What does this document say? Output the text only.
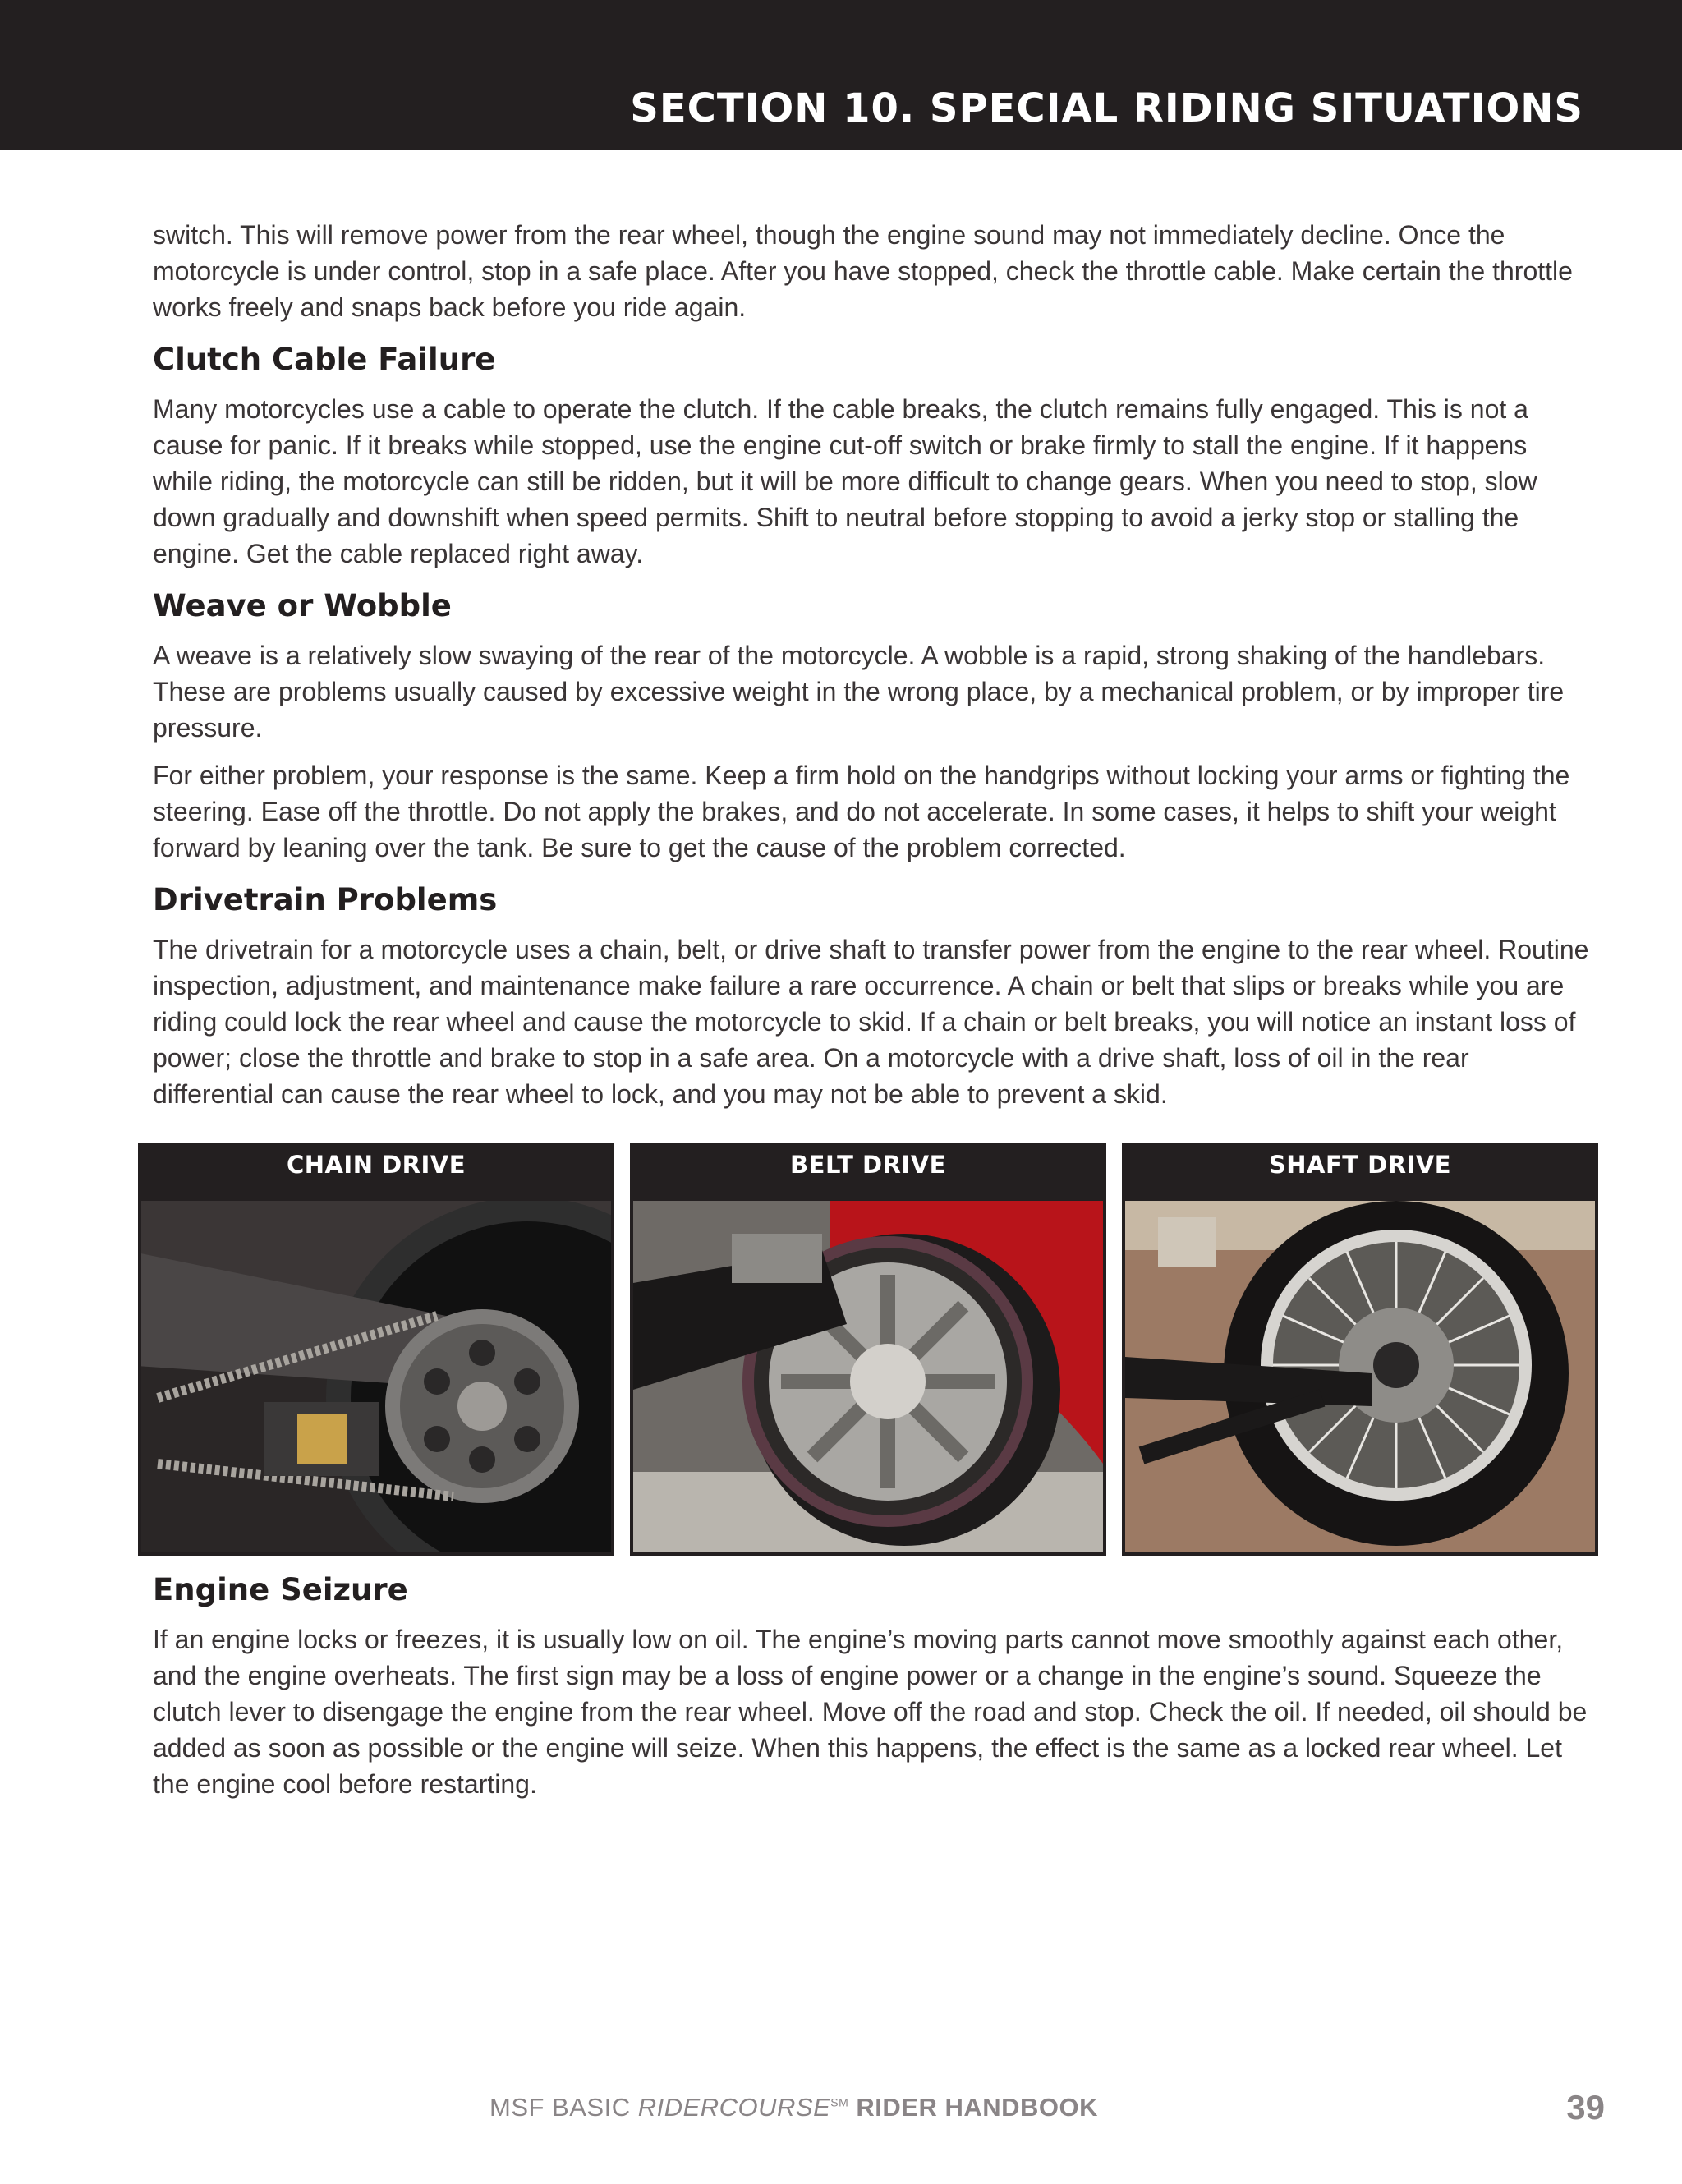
SECTION 10. SPECIAL RIDING SITUATIONS

switch. This will remove power from the rear wheel, though the engine sound may not immediately decline. Once the motorcycle is under control, stop in a safe place. After you have stopped, check the throttle cable. Make certain the throttle works freely and snaps back before you ride again.

Clutch Cable Failure

Many motorcycles use a cable to operate the clutch. If the cable breaks, the clutch remains fully engaged. This is not a cause for panic. If it breaks while stopped, use the engine cut-off switch or brake firmly to stall the engine. If it happens while riding, the motorcycle can still be ridden, but it will be more difficult to change gears. When you need to stop, slow down gradually and downshift when speed permits. Shift to neutral before stopping to avoid a jerky stop or stalling the engine. Get the cable replaced right away.

Weave or Wobble

A weave is a relatively slow swaying of the rear of the motorcycle. A wobble is a rapid, strong shaking of the handlebars. These are problems usually caused by excessive weight in the wrong place, by a mechanical problem, or by improper tire pressure.

For either problem, your response is the same. Keep a firm hold on the handgrips without locking your arms or fighting the steering. Ease off the throttle. Do not apply the brakes, and do not accelerate. In some cases, it helps to shift your weight forward by leaning over the tank. Be sure to get the cause of the problem corrected.

Drivetrain Problems

The drivetrain for a motorcycle uses a chain, belt, or drive shaft to transfer power from the engine to the rear wheel. Routine inspection, adjustment, and maintenance make failure a rare occurrence. A chain or belt that slips or breaks while you are riding could lock the rear wheel and cause the motorcycle to skid. If a chain or belt breaks, you will notice an instant loss of power; close the throttle and brake to stop in a safe area. On a motorcycle with a drive shaft, loss of oil in the rear differential can cause the rear wheel to lock, and you may not be able to prevent a skid.

CHAIN DRIVE	BELT DRIVE	SHAFT DRIVE
Engine Seizure

If an engine locks or freezes, it is usually low on oil. The engine’s moving parts cannot move smoothly against each other, and the engine overheats. The first sign may be a loss of engine power or a change in the engine’s sound. Squeeze the clutch lever to disengage the engine from the rear wheel. Move off the road and stop. Check the oil. If needed, oil should be added as soon as possible or the engine will seize. When this happens, the effect is the same as a locked rear wheel. Let the engine cool before restarting.

MSF BASIC RIDERCOURSE℠ RIDER HANDBOOK	39
